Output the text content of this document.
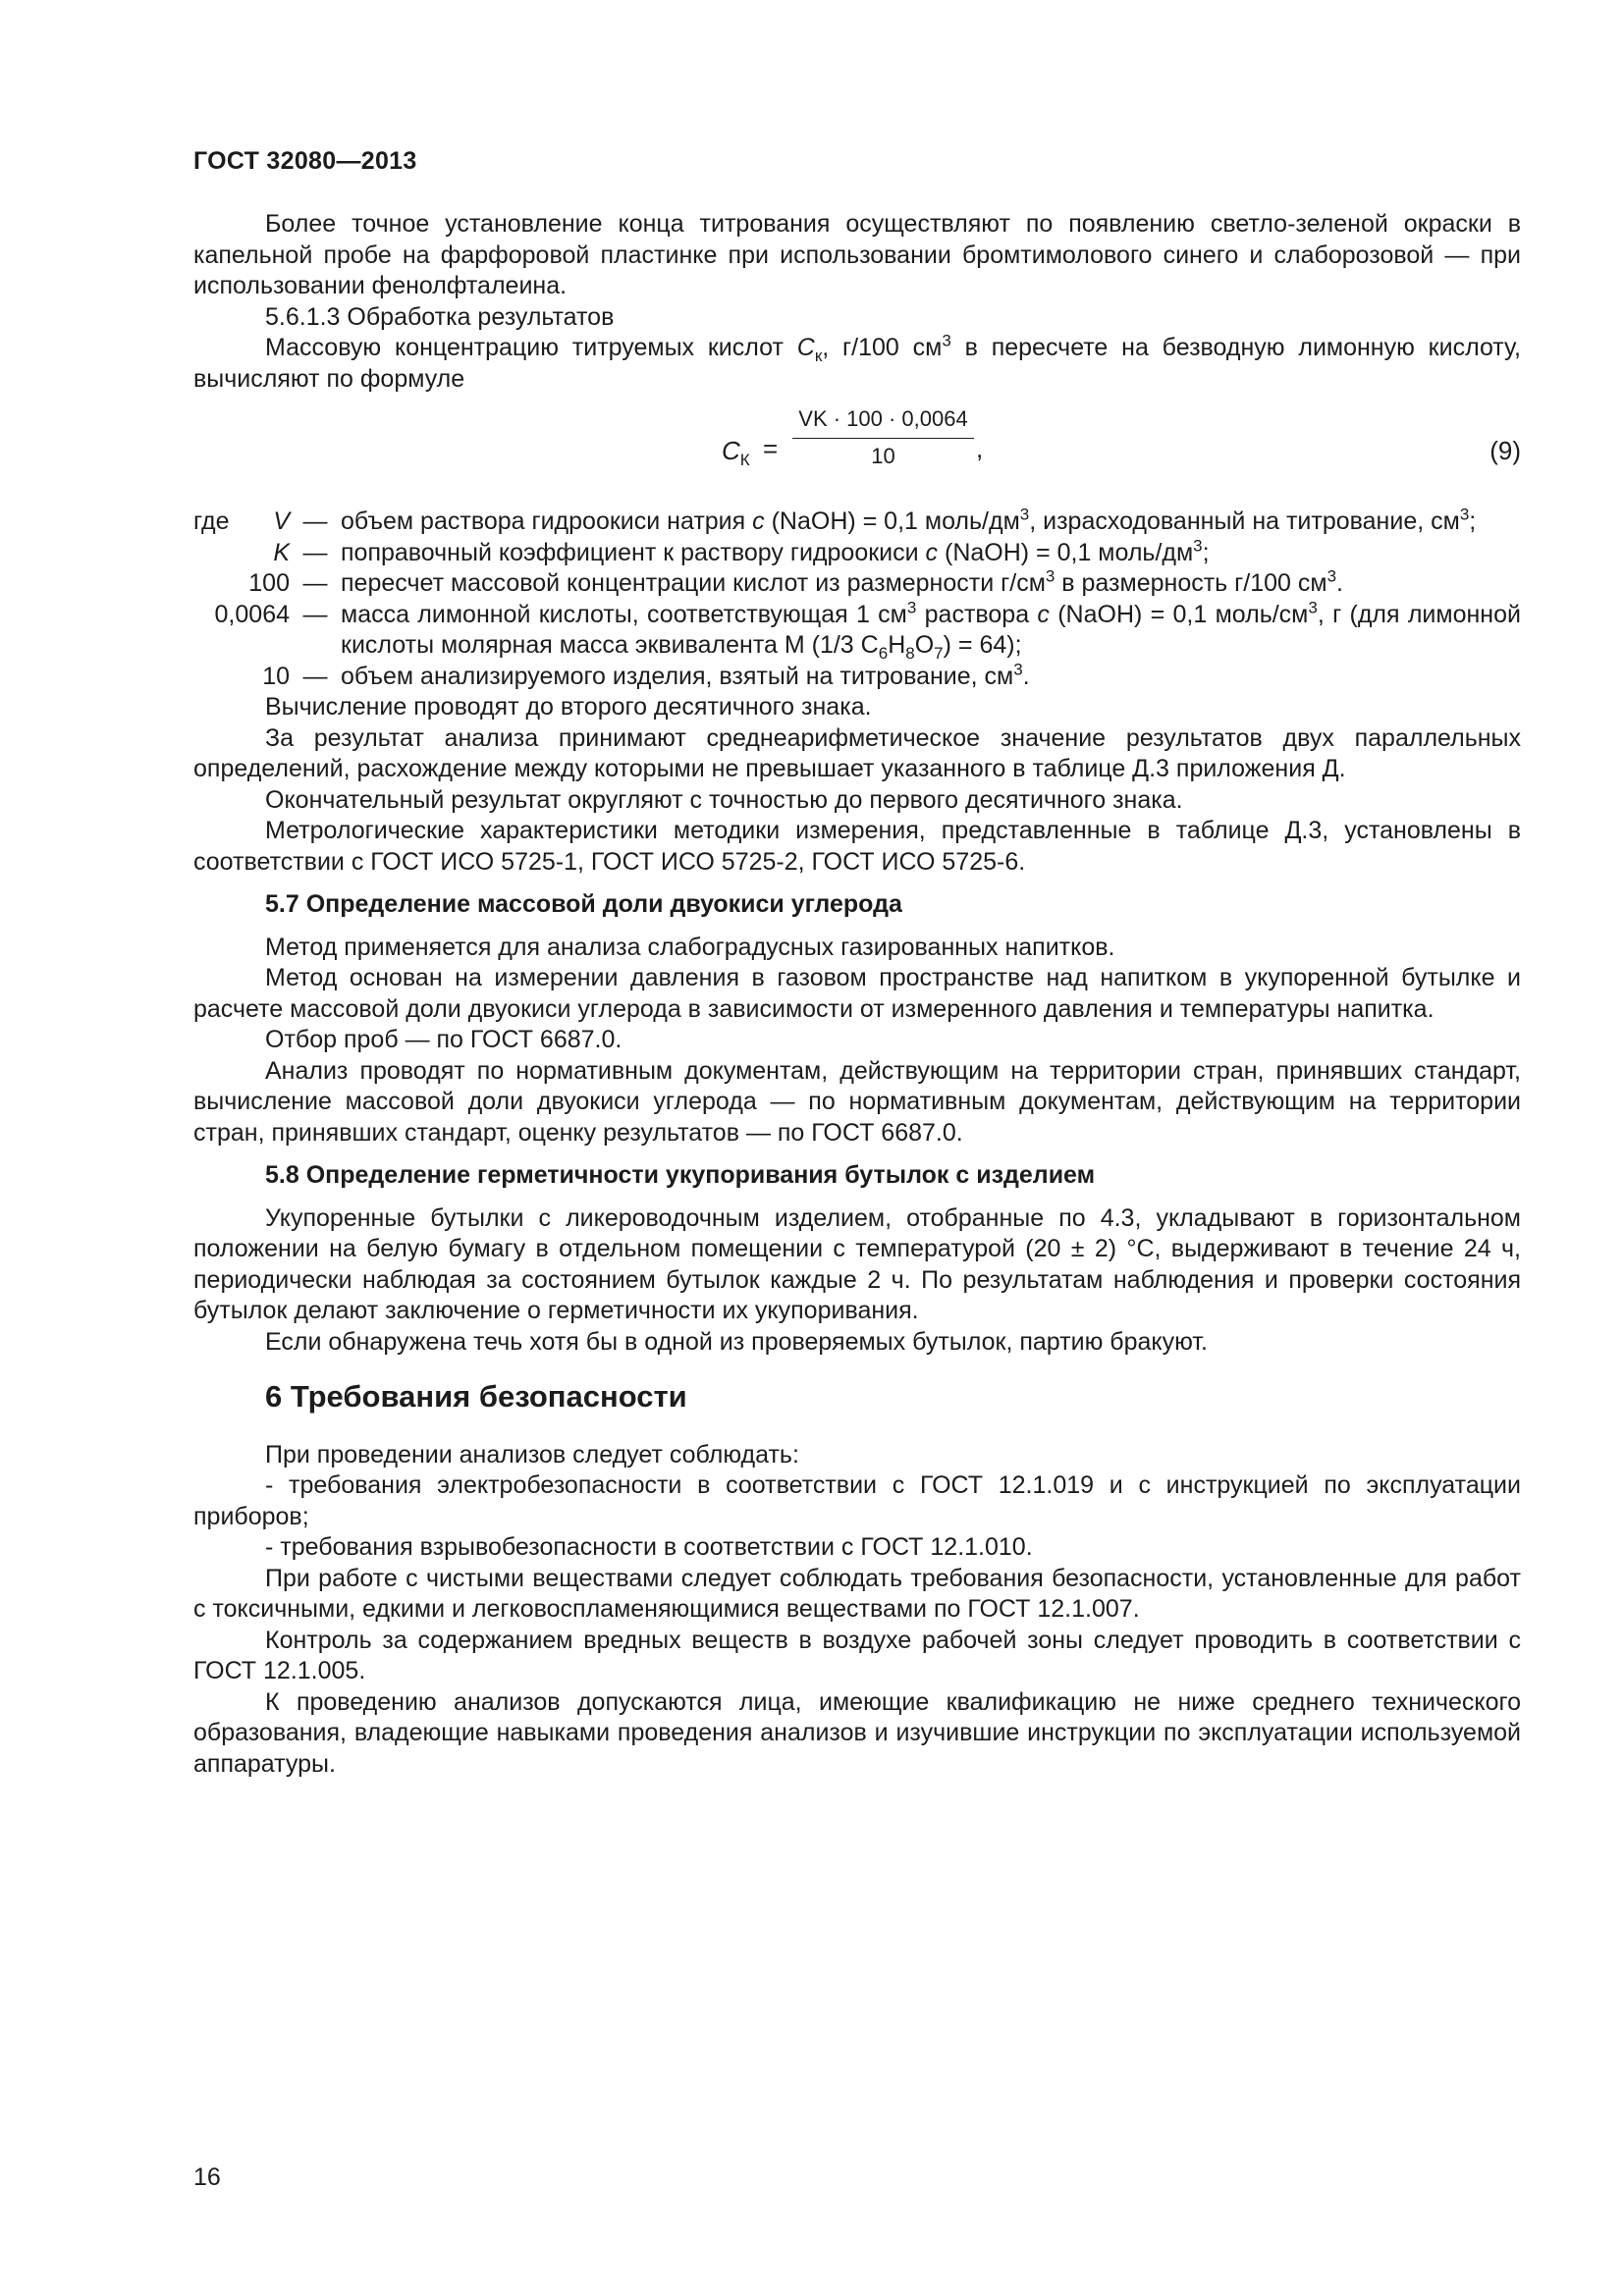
ГОСТ 32080—2013

Более точное установление конца титрования осуществляют по появлению светло-зеленой окраски в капельной пробе на фарфоровой пластинке при использовании бромтимолового синего и слаборозовой — при использовании фенолфталеина.

5.6.1.3 Обработка результатов

Массовую концентрацию титруемых кислот $C_к$, г/100 $см^3$ в пересчете на безводную лимонную кислоту, вычисляют по формуле

$C_К$ =
VK · 100 · 0,0064
10	,	(9)
где V — объем раствора гидроокиси натрия с (NaOH) = 0,1 моль/$дм^3$, израсходованный на титрование, $см^3$;
K — поправочный коэффициент к раствору гидроокиси с (NaOH) = 0,1 моль/$дм^3$;
100 — пересчет массовой концентрации кислот из размерности $г/см^3$ в размерность г/100 $см^3$.
0,0064 — масса лимонной кислоты, соответствующая 1 $см^3$ раствора с (NaOH) = 0,1 моль/$см^3$, г (для лимонной кислоты молярная масса эквивалента М (1/3 $С_6Н_8О_7) = 64$);
10 — объем анализируемого изделия, взятый на титрование, $см^3$.

Вычисление проводят до второго десятичного знака.

За результат анализа принимают среднеарифметическое значение результатов двух параллельных определений, расхождение между которыми не превышает указанного в таблице Д.3 приложения Д.

Окончательный результат округляют с точностью до первого десятичного знака.

Метрологические характеристики методики измерения, представленные в таблице Д.3, установлены в соответствии с ГОСТ ИСО 5725-1, ГОСТ ИСО 5725-2, ГОСТ ИСО 5725-6.

5.7 Определение массовой доли двуокиси углерода

Метод применяется для анализа слабоградусных газированных напитков.

Метод основан на измерении давления в газовом пространстве над напитком в укупоренной бутылке и расчете массовой доли двуокиси углерода в зависимости от измеренного давления и температуры напитка.

Отбор проб — по ГОСТ 6687.0.

Анализ проводят по нормативным документам, действующим на территории стран, принявших стандарт, вычисление массовой доли двуокиси углерода — по нормативным документам, действующим на территории стран, принявших стандарт, оценку результатов — по ГОСТ 6687.0.

5.8 Определение герметичности укупоривания бутылок с изделием

Укупоренные бутылки с ликероводочным изделием, отобранные по 4.3, укладывают в горизонтальном положении на белую бумагу в отдельном помещении с температурой (20 ± 2) °С, выдерживают в течение 24 ч, периодически наблюдая за состоянием бутылок каждые 2 ч. По результатам наблюдения и проверки состояния бутылок делают заключение о герметичности их укупоривания.

Если обнаружена течь хотя бы в одной из проверяемых бутылок, партию бракуют.

6 Требования безопасности

При проведении анализов следует соблюдать:

- требования электробезопасности в соответствии с ГОСТ 12.1.019 и с инструкцией по эксплуатации приборов;

- требования взрывобезопасности в соответствии с ГОСТ 12.1.010.

При работе с чистыми веществами следует соблюдать требования безопасности, установленные для работ с токсичными, едкими и легковоспламеняющимися веществами по ГОСТ 12.1.007.

Контроль за содержанием вредных веществ в воздухе рабочей зоны следует проводить в соответствии с ГОСТ 12.1.005.

К проведению анализов допускаются лица, имеющие квалификацию не ниже среднего технического образования, владеющие навыками проведения анализов и изучившие инструкции по эксплуатации используемой аппаратуры.

16
